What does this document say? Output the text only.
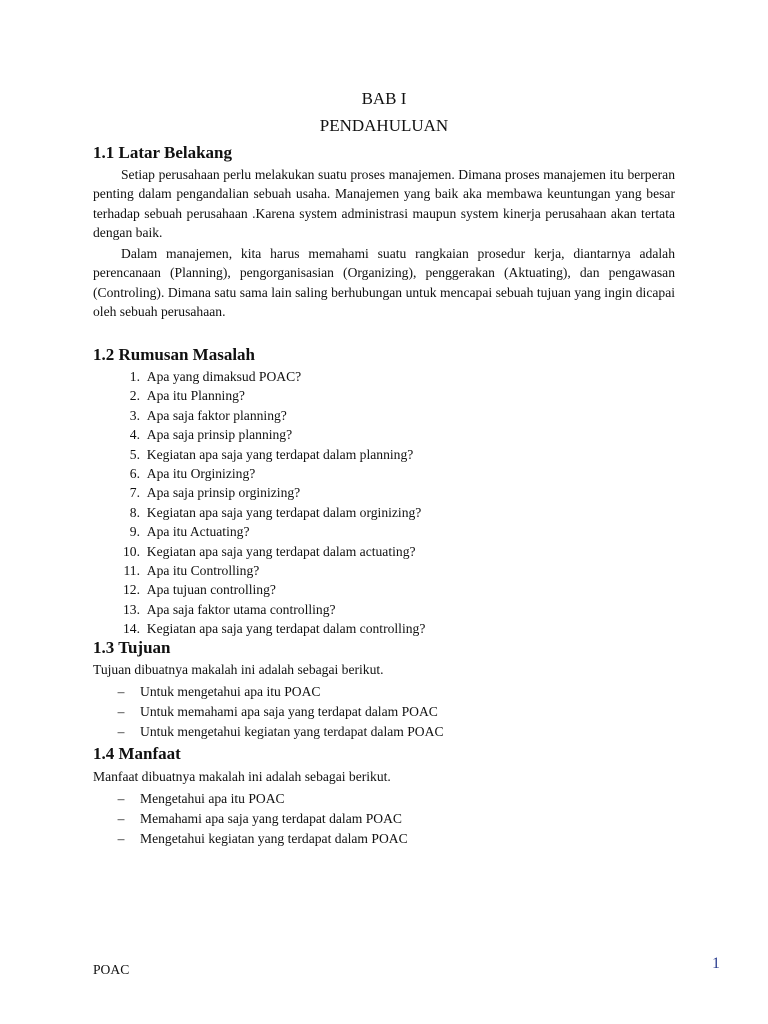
BAB I
PENDAHULUAN
1.1 Latar Belakang

Setiap perusahaan perlu melakukan suatu proses manajemen. Dimana proses manajemen itu berperan penting dalam pengandalian sebuah usaha. Manajemen yang baik aka membawa keuntungan yang besar terhadap sebuah perusahaan .Karena system administrasi maupun system kinerja perusahaan akan tertata dengan baik.

Dalam manajemen, kita harus memahami suatu rangkaian prosedur kerja, diantarnya adalah perencanaan (Planning), pengorganisasian (Organizing), penggerakan (Aktuating), dan pengawasan (Controling). Dimana satu sama lain saling berhubungan untuk mencapai sebuah tujuan yang ingin dicapai oleh sebuah perusahaan.

1.2 Rumusan Masalah
1.
Apa yang dimaksud POAC?
2.
Apa itu Planning?
3.
Apa saja faktor planning?
4.
Apa saja prinsip planning?
5.
Kegiatan apa saja yang terdapat dalam planning?
6.
Apa itu Orginizing?
7.
Apa saja prinsip orginizing?
8.
Kegiatan apa saja yang terdapat dalam orginizing?
9.
Apa itu Actuating?
10.
Kegiatan apa saja yang terdapat dalam actuating?
11.
Apa itu Controlling?
12.
Apa tujuan controlling?
13.
Apa saja faktor utama controlling?
14.
Kegiatan apa saja yang terdapat dalam controlling?
1.3 Tujuan

Tujuan dibuatnya makalah ini adalah sebagai berikut.

–	Untuk mengetahui apa itu POAC
–	Untuk memahami apa saja yang terdapat dalam POAC
–	Untuk mengetahui kegiatan yang terdapat dalam POAC
1.4 Manfaat

Manfaat dibuatnya makalah ini adalah sebagai berikut.

–	Mengetahui apa itu POAC
–	Memahami apa saja yang terdapat dalam POAC
–	Mengetahui kegiatan yang terdapat dalam POAC
POAC	1
